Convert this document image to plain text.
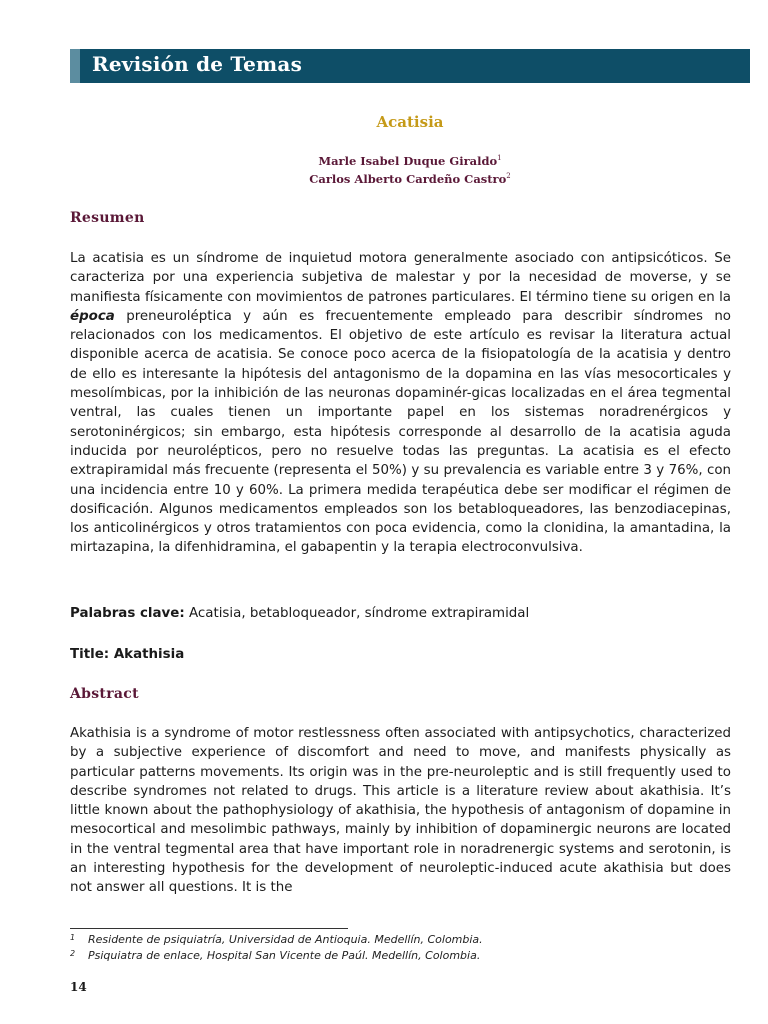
Revisión de Temas
Acatisia
Marle Isabel Duque Giraldo$^1$
Carlos Alberto Cardeño Castro$^2$
Resumen

La acatisia es un síndrome de inquietud motora generalmente asociado con antipsicóticos. Se caracteriza por una experiencia subjetiva de malestar y por la necesidad de moverse, y se manifiesta físicamente con movimientos de patrones particulares. El término tiene su origen en la época preneuroléptica y aún es frecuentemente empleado para describir síndromes no relacionados con los medicamentos. El objetivo de este artículo es revisar la literatura actual disponible acerca de acatisia. Se conoce poco acerca de la fisiopatología de la acatisia y dentro de ello es interesante la hipótesis del antagonismo de la dopamina en las vías mesocorticales y mesolímbicas, por la inhibición de las neuronas dopaminér-gicas localizadas en el área tegmental ventral, las cuales tienen un importante papel en los sistemas noradrenérgicos y serotoninérgicos; sin embargo, esta hipótesis corresponde al desarrollo de la acatisia aguda inducida por neurolépticos, pero no resuelve todas las preguntas. La acatisia es el efecto extrapiramidal más frecuente (representa el 50%) y su prevalencia es variable entre 3 y 76%, con una incidencia entre 10 y 60%. La primera medida terapéutica debe ser modificar el régimen de dosificación. Algunos medicamentos empleados son los betabloqueadores, las benzodiacepinas, los anticolinérgicos y otros tratamientos con poca evidencia, como la clonidina, la amantadina, la mirtazapina, la difenhidramina, el gabapentin y la terapia electroconvulsiva.

Palabras clave: Acatisia, betabloqueador, síndrome extrapiramidal

Title: Akathisia

Abstract

Akathisia is a syndrome of motor restlessness often associated with antipsychotics, characterized by a subjective experience of discomfort and need to move, and manifests physically as particular patterns movements. Its origin was in the pre-neuroleptic and is still frequently used to describe syndromes not related to drugs. This article is a literature review about akathisia. It’s little known about the pathophysiology of akathisia, the hypothesis of antagonism of dopamine in mesocortical and mesolimbic pathways, mainly by inhibition of dopaminergic neurons are located in the ventral tegmental area that have important role in noradrenergic systems and serotonin, is an interesting hypothesis for the development of neuroleptic-induced acute akathisia but does not answer all questions. It is the

1 Residente de psiquiatría, Universidad de Antioquia. Medellín, Colombia.
2 Psiquiatra de enlace, Hospital San Vicente de Paúl. Medellín, Colombia.
14
